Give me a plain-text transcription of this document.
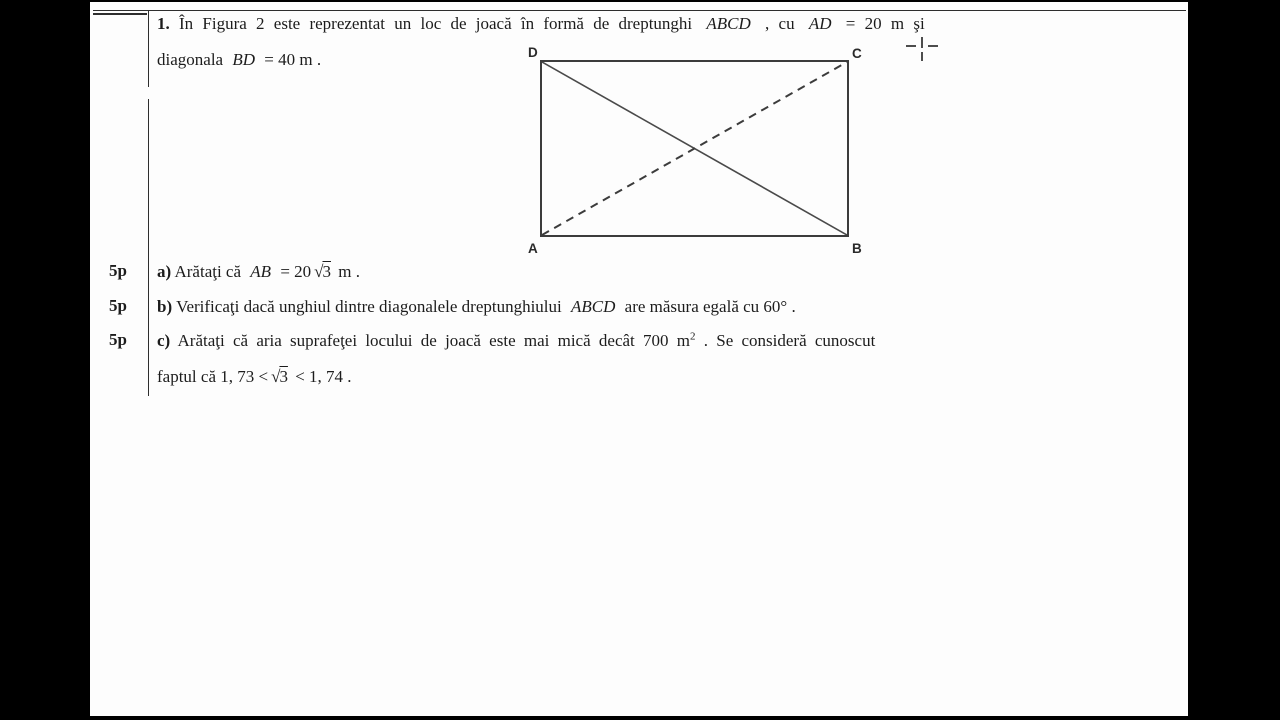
1. În Figura 2 este reprezentat un loc de joacă în formă de dreptunghi ABCD , cu AD = 20 m şi
diagonala BD = 40 m .	D	C
A	B
5p
5p
5p
a) Arătaţi că AB = 20 √3 m .
b) Verificaţi dacă unghiul dintre diagonalele dreptunghiului ABCD are măsura egală cu 60° .
c) Arătaţi că aria suprafeţei locului de joacă este mai mică decât 700 $m^2$ . Se consideră cunoscut
faptul că 1, 73 < √3 < 1, 74 .
